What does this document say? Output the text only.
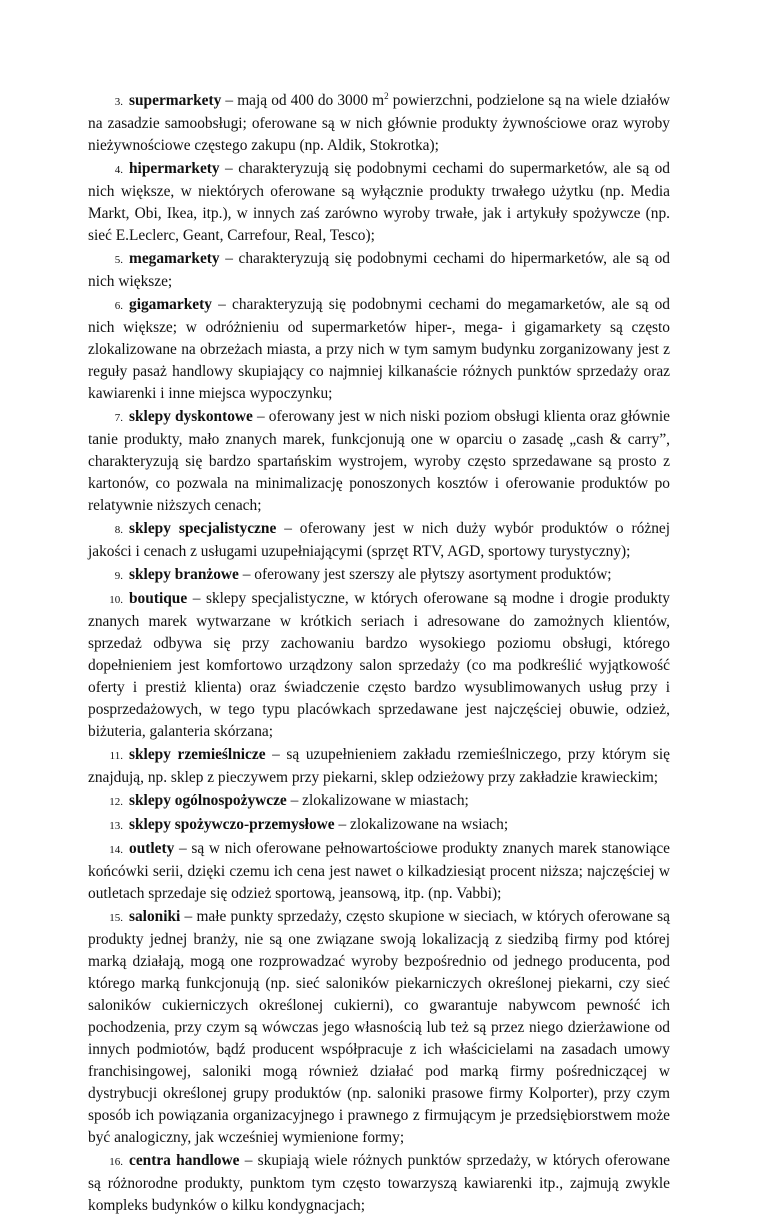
3. supermarkety – mają od 400 do 3000 $m^2$ powierzchni, podzielone są na wiele działów na zasadzie samoobsługi; oferowane są w nich głównie produkty żywnościowe oraz wyroby nieżywnościowe częstego zakupu (np. Aldik, Stokrotka);

4. hipermarkety – charakteryzują się podobnymi cechami do supermarketów, ale są od nich większe, w niektórych oferowane są wyłącznie produkty trwałego użytku (np. Media Markt, Obi, Ikea, itp.), w innych zaś zarówno wyroby trwałe, jak i artykuły spożywcze (np. sieć E.Leclerc, Geant, Carrefour, Real, Tesco);

5. megamarkety – charakteryzują się podobnymi cechami do hipermarketów, ale są od nich większe;

6. gigamarkety – charakteryzują się podobnymi cechami do megamarketów, ale są od nich większe; w odróżnieniu od supermarketów hiper-, mega- i gigamarkety są często zlokalizowane na obrzeżach miasta, a przy nich w tym samym budynku zorganizowany jest z reguły pasaż handlowy skupiający co najmniej kilkanaście różnych punktów sprzedaży oraz kawiarenki i inne miejsca wypoczynku;

7. sklepy dyskontowe – oferowany jest w nich niski poziom obsługi klienta oraz głównie tanie produkty, mało znanych marek, funkcjonują one w oparciu o zasadę „cash & carry”, charakteryzują się bardzo spartańskim wystrojem, wyroby często sprzedawane są prosto z kartonów, co pozwala na minimalizację ponoszonych kosztów i oferowanie produktów po relatywnie niższych cenach;

8. sklepy specjalistyczne – oferowany jest w nich duży wybór produktów o różnej jakości i cenach z usługami uzupełniającymi (sprzęt RTV, AGD, sportowy turystyczny);

9. sklepy branżowe – oferowany jest szerszy ale płytszy asortyment produktów;

10. boutique – sklepy specjalistyczne, w których oferowane są modne i drogie produkty znanych marek wytwarzane w krótkich seriach i adresowane do zamożnych klientów, sprzedaż odbywa się przy zachowaniu bardzo wysokiego poziomu obsługi, którego dopełnieniem jest komfortowo urządzony salon sprzedaży (co ma podkreślić wyjątkowość oferty i prestiż klienta) oraz świadczenie często bardzo wysublimowanych usług przy i posprzedażowych, w tego typu placówkach sprzedawane jest najczęściej obuwie, odzież, biżuteria, galanteria skórzana;

11. sklepy rzemieślnicze – są uzupełnieniem zakładu rzemieślniczego, przy którym się znajdują, np. sklep z pieczywem przy piekarni, sklep odzieżowy przy zakładzie krawieckim;

12. sklepy ogólnospożywcze – zlokalizowane w miastach;

13. sklepy spożywczo-przemysłowe – zlokalizowane na wsiach;

14. outlety – są w nich oferowane pełnowartościowe produkty znanych marek stanowiące końcówki serii, dzięki czemu ich cena jest nawet o kilkadziesiąt procent niższa; najczęściej w outletach sprzedaje się odzież sportową, jeansową, itp. (np. Vabbi);

15. saloniki – małe punkty sprzedaży, często skupione w sieciach, w których oferowane są produkty jednej branży, nie są one związane swoją lokalizacją z siedzibą firmy pod której marką działają, mogą one rozprowadzać wyroby bezpośrednio od jednego producenta, pod którego marką funkcjonują (np. sieć saloników piekarniczych określonej piekarni, czy sieć saloników cukierniczych określonej cukierni), co gwarantuje nabywcom pewność ich pochodzenia, przy czym są wówczas jego własnością lub też są przez niego dzierżawione od innych podmiotów, bądź producent współpracuje z ich właścicielami na zasadach umowy franchisingowej, saloniki mogą również działać pod marką firmy pośredniczącej w dystrybucji określonej grupy produktów (np. saloniki prasowe firmy Kolporter), przy czym sposób ich powiązania organizacyjnego i prawnego z firmującym je przedsiębiorstwem może być analogiczny, jak wcześniej wymienione formy;

16. centra handlowe – skupiają wiele różnych punktów sprzedaży, w których oferowane są różnorodne produkty, punktom tym często towarzyszą kawiarenki itp., zajmują zwykle kompleks budynków o kilku kondygnacjach;
